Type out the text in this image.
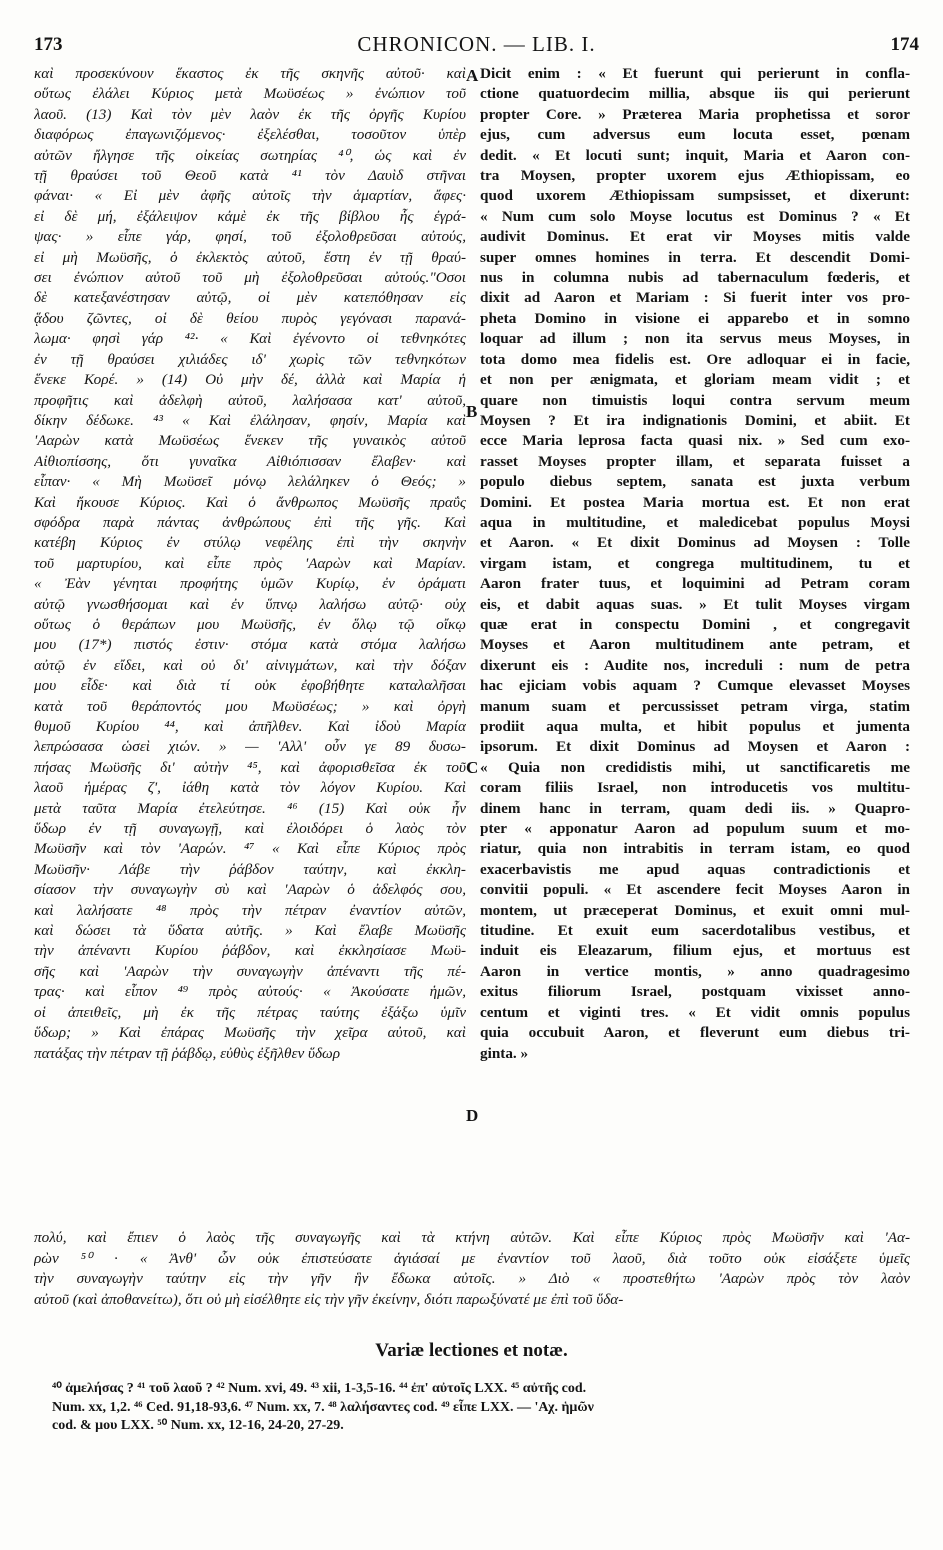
173	CHRONICON. — LIB. I.	174
καὶ προσεκύνουν ἕκαστος ἐκ τῆς σκηνῆς αὐτοῦ· καὶ
οὕτως ἐλάλει Κύριος μετὰ Μωϋσέως » ἐνώπιον τοῦ
λαοῦ. (13) Καὶ τὸν μὲν λαὸν ἐκ τῆς ὀργῆς Κυρίου
διαφόρως ἐπαγωνιζόμενος· ἐξελέσθαι, τοσοῦτον ὑπὲρ
αὐτῶν ἤλγησε τῆς οἰκείας σωτηρίας ⁴⁰, ὡς καὶ ἐν
τῇ θραύσει τοῦ Θεοῦ κατὰ ⁴¹ τὸν Δαυὶδ στῆναι
φάναι· « Εἰ μὲν ἀφῆς αὐτοῖς τὴν ἁμαρτίαν, ἄφες·
εἰ δὲ μή, ἐξάλειψον κἀμὲ ἐκ τῆς βίβλου ἧς ἐγρά-
ψας· » εἶπε γάρ, φησί, τοῦ ἐξολοθρεῦσαι αὐτούς,
εἰ μὴ Μωϋσῆς, ὁ ἐκλεκτὸς αὐτοῦ, ἔστη ἐν τῇ θραύ-
σει ἐνώπιον αὐτοῦ τοῦ μὴ ἐξολοθρεῦσαι αὐτούς."Οσοι
δὲ κατεξανέστησαν αὐτῷ, οἱ μὲν κατεπόθησαν εἰς
ᾅδου ζῶντες, οἱ δὲ θείου πυρὸς γεγόνασι παρανά-
λωμα· φησὶ γάρ ⁴²· « Καὶ ἐγένοντο οἱ τεθνηκότες
ἐν τῇ θραύσει χιλιάδες ιδ' χωρὶς τῶν τεθνηκότων
ἕνεκε Κορέ. » (14) Οὐ μὴν δέ, ἀλλὰ καὶ Μαρία ἡ
προφῆτις καὶ ἀδελφὴ αὐτοῦ, λαλήσασα κατ' αὐτοῦ,
δίκην δέδωκε. ⁴³ « Καὶ ἐλάλησαν, φησίν, Μαρία καὶ
'Ααρὼν κατὰ Μωϋσέως ἕνεκεν τῆς γυναικὸς αὐτοῦ
Αἰθιοπίσσης, ὅτι γυναῖκα Αἰθιόπισσαν ἔλαβεν· καὶ
εἶπαν· « Μὴ Μωϋσεῖ μόνῳ λελάληκεν ὁ Θεός; »
Καὶ ἤκουσε Κύριος. Καὶ ὁ ἄνθρωπος Μωϋσῆς πραΰς
σφόδρα παρὰ πάντας ἀνθρώπους ἐπὶ τῆς γῆς. Καὶ
κατέβη Κύριος ἐν στύλῳ νεφέλης ἐπὶ τὴν σκηνὴν
τοῦ μαρτυρίου, καὶ εἶπε πρὸς 'Ααρὼν καὶ Μαρίαν.
« Ἐὰν γένηται προφήτης ὑμῶν Κυρίῳ, ἐν ὁράματι
αὐτῷ γνωσθήσομαι καὶ ἐν ὕπνῳ λαλήσω αὐτῷ· οὐχ
οὕτως ὁ θεράπων μου Μωϋσῆς, ἐν ὅλῳ τῷ οἴκῳ
μου (17*) πιστός ἐστιν· στόμα κατὰ στόμα λαλήσω
αὐτῷ ἐν εἴδει, καὶ οὐ δι' αἰνιγμάτων, καὶ τὴν δόξαν
μου εἶδε· καὶ διὰ τί οὐκ ἐφοβήθητε καταλαλῆσαι
κατὰ τοῦ θεράποντός μου Μωϋσέως; » καὶ ὀργὴ
θυμοῦ Κυρίου ⁴⁴, καὶ ἀπῆλθεν. Καὶ ἰδοὺ Μαρία
λεπρώσασα ὡσεὶ χιών. » — 'Αλλ' οὖν γε 89 δυσω-
πήσας Μωϋσῆς δι' αὐτὴν ⁴⁵, καὶ ἀφορισθεῖσα ἐκ τοῦ
λαοῦ ἡμέρας ζ', ἰάθη κατὰ τὸν λόγον Κυρίου. Καὶ
μετὰ ταῦτα Μαρία ἐτελεύτησε. ⁴⁶ (15) Καὶ οὐκ ἦν
ὕδωρ ἐν τῇ συναγωγῇ, καὶ ἐλοιδόρει ὁ λαὸς τὸν
Μωϋσῆν καὶ τὸν 'Ααρών. ⁴⁷ « Καὶ εἶπε Κύριος πρὸς
Μωϋσῆν· Λάβε τὴν ῥάβδον ταύτην, καὶ ἐκκλη-
σίασον τὴν συναγωγὴν σὺ καὶ 'Ααρὼν ὁ ἀδελφός σου,
καὶ λαλήσατε ⁴⁸ πρὸς τὴν πέτραν ἐναντίον αὐτῶν,
καὶ δώσει τὰ ὕδατα αὐτῆς. » Καὶ ἔλαβε Μωϋσῆς
τὴν ἀπέναντι Κυρίου ῥάβδον, καὶ ἐκκλησίασε Μωϋ-
σῆς καὶ 'Ααρὼν τὴν συναγωγὴν ἀπέναντι τῆς πέ-
τρας· καὶ εἶπον ⁴⁹ πρὸς αὐτούς· « Ἀκούσατε ἡμῶν,
οἱ ἀπειθεῖς, μὴ ἐκ τῆς πέτρας ταύτης ἐξάξω ὑμῖν
ὕδωρ; » Καὶ ἐπάρας Μωϋσῆς τὴν χεῖρα αὐτοῦ, καὶ
πατάξας τὴν πέτραν τῇ ῥάβδῳ, εὐθὺς ἐξῆλθεν ὕδωρ
Dicit enim : « Et fuerunt qui perierunt in confla-
ctione quatuordecim millia, absque iis qui perierunt
propter Core. » Præterea Maria prophetissa et soror
ejus, cum adversus eum locuta esset, pœnam
dedit. « Et locuti sunt; inquit, Maria et Aaron con-
tra Moysen, propter uxorem ejus Æthiopissam, eo
quod uxorem Æthiopissam sumpsisset, et dixerunt:
« Num cum solo Moyse locutus est Dominus ? « Et
audivit Dominus. Et erat vir Moyses mitis valde
super omnes homines in terra. Et descendit Domi-
nus in columna nubis ad tabernaculum fœderis, et
dixit ad Aaron et Mariam : Si fuerit inter vos pro-
pheta Domino in visione ei apparebo et in somno
loquar ad illum ; non ita servus meus Moyses, in
tota domo mea fidelis est. Ore adloquar ei in facie,
et non per ænigmata, et gloriam meam vidit ; et
quare non timuistis loqui contra servum meum
Moysen ? Et ira indignationis Domini, et abiit. Et
ecce Maria leprosa facta quasi nix. » Sed cum exo-
rasset Moyses propter illam, et separata fuisset a
populo diebus septem, sanata est juxta verbum
Domini. Et postea Maria mortua est. Et non erat
aqua in multitudine, et maledicebat populus Moysi
et Aaron. « Et dixit Dominus ad Moysen : Tolle
virgam istam, et congrega multitudinem, tu et
Aaron frater tuus, et loquimini ad Petram coram
eis, et dabit aquas suas. » Et tulit Moyses virgam
quæ erat in conspectu Domini , et congregavit
Moyses et Aaron multitudinem ante petram, et
dixerunt eis : Audite nos, increduli : num de petra
hac ejiciam vobis aquam ? Cumque elevasset Moyses
manum suam et percussisset petram virga, statim
prodiit aqua multa, et hibit populus et jumenta
ipsorum. Et dixit Dominus ad Moysen et Aaron :
« Quia non credidistis mihi, ut sanctificaretis me
coram filiis Israel, non introducetis vos multitu-
dinem hanc in terram, quam dedi iis. » Quapro-
pter « apponatur Aaron ad populum suum et mo-
riatur, quia non intrabitis in terram istam, eo quod
exacerbavistis me apud aquas contradictionis et
convitii populi. « Et ascendere fecit Moyses Aaron in
montem, ut præceperat Dominus, et exuit omni mul-
titudine. Et exuit eum sacerdotalibus vestibus, et
induit eis Eleazarum, filium ejus, et mortuus est
Aaron in vertice montis, » anno quadragesimo
exitus filiorum Israel, postquam vixisset anno-
centum et viginti tres. « Et vidit omnis populus
quia occubuit Aaron, et fleverunt eum diebus tri-
ginta. »
A
B
C
D
πολύ, καὶ ἔπιεν ὁ λαὸς τῆς συναγωγῆς καὶ τὰ κτήνη αὐτῶν. Καὶ εἶπε Κύριος πρὸς Μωϋσῆν καὶ 'Αα-
ρὼν ⁵⁰ · « Ἀνθ' ὧν οὐκ ἐπιστεύσατε ἁγιάσαί με ἐναντίον τοῦ λαοῦ, διὰ τοῦτο οὐκ εἰσάξετε ὑμεῖς
τὴν συναγωγὴν ταύτην εἰς τὴν γῆν ἣν ἔδωκα αὐτοῖς. » Διὸ « προστεθήτω 'Ααρὼν πρὸς τὸν λαὸν
αὐτοῦ (καὶ ἀποθανείτω), ὅτι οὐ μὴ εἰσέλθητε εἰς τὴν γῆν ἐκείνην, διότι παρωξύνατέ με ἐπὶ τοῦ ὕδα-
Variæ lectiones et notæ.
⁴⁰ ἀμελήσας ? ⁴¹ τοῦ λαοῦ ? ⁴² Num. xvi, 49. ⁴³ xii, 1-3,5-16. ⁴⁴ ἐπ' αὐτοῖς LXX. ⁴⁵ αὐτῆς cod.
Num. xx, 1,2. ⁴⁶ Ced. 91,18-93,6. ⁴⁷ Num. xx, 7. ⁴⁸ λαλήσαντες cod. ⁴⁹ εἶπε LXX. — 'Αχ. ἡμῶν
cod. & μου LXX. ⁵⁰ Num. xx, 12-16, 24-20, 27-29.
